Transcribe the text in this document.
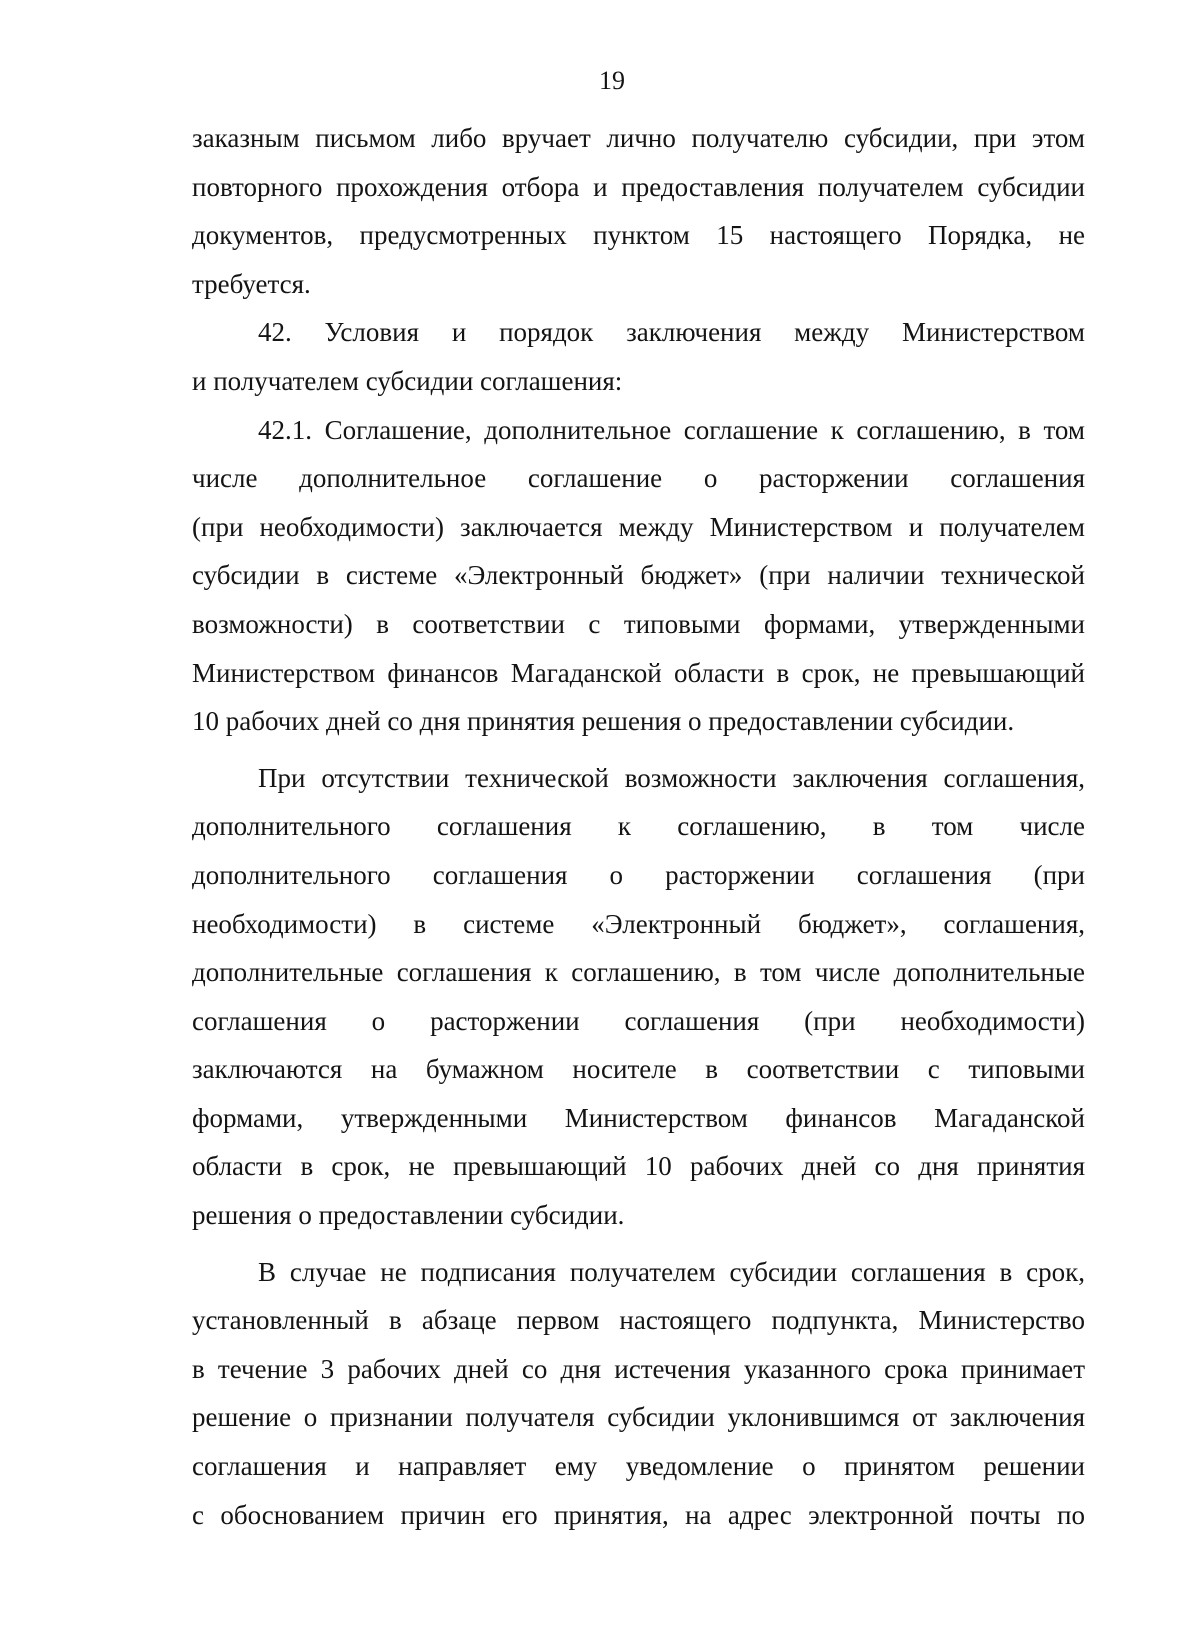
19
заказным письмом либо вручает лично получателю субсидии, при этом
повторного прохождения отбора и предоставления получателем субсидии
документов, предусмотренных пунктом 15 настоящего Порядка, не
требуется.
42. Условия и порядок заключения между Министерством
и получателем субсидии соглашения:
42.1. Соглашение, дополнительное соглашение к соглашению, в том
числе дополнительное соглашение о расторжении соглашения
(при необходимости) заключается между Министерством и получателем
субсидии в системе «Электронный бюджет» (при наличии технической
возможности) в соответствии с типовыми формами, утвержденными
Министерством финансов Магаданской области в срок, не превышающий
10 рабочих дней со дня принятия решения о предоставлении субсидии.
При отсутствии технической возможности заключения соглашения,
дополнительного соглашения к соглашению, в том числе
дополнительного соглашения о расторжении соглашения (при
необходимости) в системе «Электронный бюджет», соглашения,
дополнительные соглашения к соглашению, в том числе дополнительные
соглашения о расторжении соглашения (при необходимости)
заключаются на бумажном носителе в соответствии с типовыми
формами, утвержденными Министерством финансов Магаданской
области в срок, не превышающий 10 рабочих дней со дня принятия
решения о предоставлении субсидии.
В случае не подписания получателем субсидии соглашения в срок,
установленный в абзаце первом настоящего подпункта, Министерство
в течение 3 рабочих дней со дня истечения указанного срока принимает
решение о признании получателя субсидии уклонившимся от заключения
соглашения и направляет ему уведомление о принятом решении
с обоснованием причин его принятия, на адрес электронной почты по
